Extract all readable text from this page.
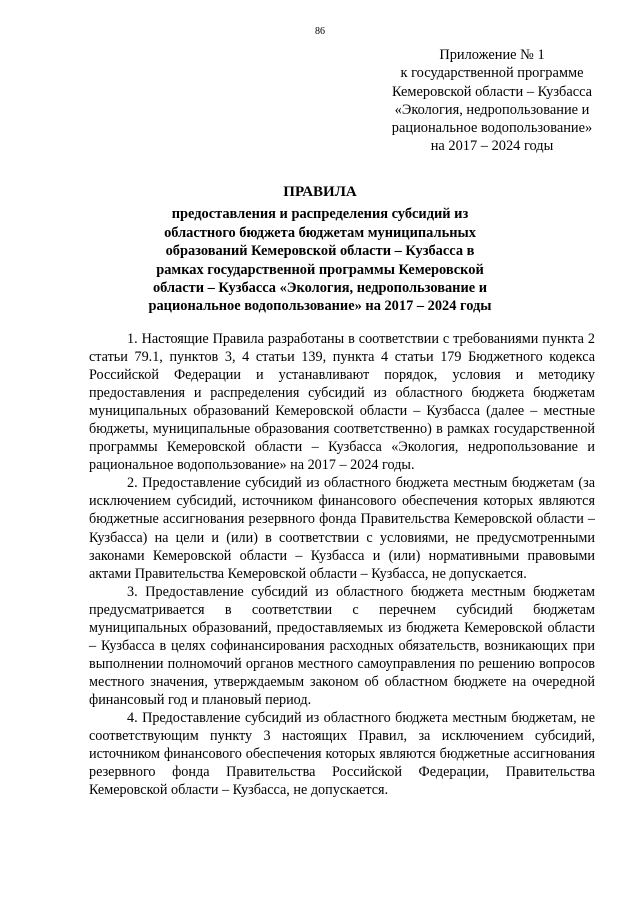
86
Приложение № 1
к государственной программе
Кемеровской области – Кузбасса
«Экология, недропользование и
рациональное водопользование»
на 2017 – 2024 годы
ПРАВИЛА
предоставления и распределения субсидий из
областного бюджета бюджетам муниципальных
образований Кемеровской области – Кузбасса в
рамках государственной программы Кемеровской
области – Кузбасса «Экология, недропользование и
рациональное водопользование» на 2017 – 2024 годы

1. Настоящие Правила разработаны в соответствии с требованиями пункта 2 статьи 79.1, пунктов 3, 4 статьи 139, пункта 4 статьи 179 Бюджетного кодекса Российской Федерации и устанавливают порядок, условия и методику предоставления и распределения субсидий из областного бюджета бюджетам муниципальных образований Кемеровской области – Кузбасса (далее – местные бюджеты, муниципальные образования соответственно) в рамках государственной программы Кемеровской области – Кузбасса «Экология, недропользование и рациональное водопользование» на 2017 – 2024 годы.

2. Предоставление субсидий из областного бюджета местным бюджетам (за исключением субсидий, источником финансового обеспечения которых являются бюджетные ассигнования резервного фонда Правительства Кемеровской области – Кузбасса) на цели и (или) в соответствии с условиями, не предусмотренными законами Кемеровской области – Кузбасса и (или) нормативными правовыми актами Правительства Кемеровской области – Кузбасса, не допускается.

3. Предоставление субсидий из областного бюджета местным бюджетам предусматривается в соответствии с перечнем субсидий бюджетам муниципальных образований, предоставляемых из бюджета Кемеровской области – Кузбасса в целях софинансирования расходных обязательств, возникающих при выполнении полномочий органов местного самоуправления по решению вопросов местного значения, утверждаемым законом об областном бюджете на очередной финансовый год и плановый период.

4. Предоставление субсидий из областного бюджета местным бюджетам, не соответствующим пункту 3 настоящих Правил, за исключением субсидий, источником финансового обеспечения которых являются бюджетные ассигнования резервного фонда Правительства Российской Федерации, Правительства Кемеровской области – Кузбасса, не допускается.
